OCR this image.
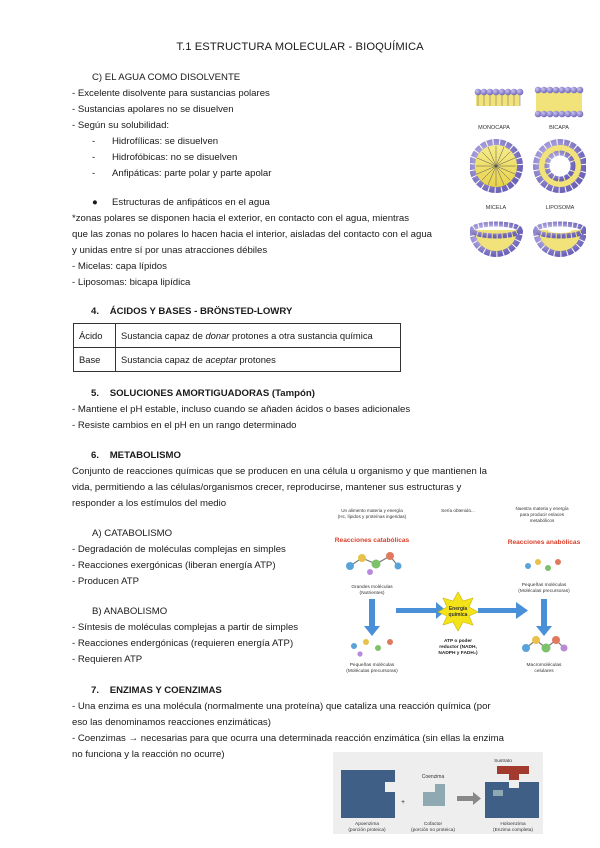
T.1 ESTRUCTURA MOLECULAR - BIOQUÍMICA
C) EL AGUA COMO DISOLVENTE
- Excelente disolvente para sustancias polares
- Sustancias apolares no se disuelven
- Según su solubilidad:
- Hidrofílicas: se disuelven
- Hidrofóbicas: no se disuelven
- Anfipáticas: parte polar y parte apolar
● Estructuras de anfipáticos en el agua
*zonas polares se disponen hacia el exterior, en contacto con el agua, mientras
que las zonas no polares lo hacen hacia el interior, aisladas del contacto con el agua
y unidas entre sí por unas atracciones débiles
- Micelas: capa lípidos
- Liposomas: bicapa lipídica
MONOCAPA	BICAPA
MICELA	LIPOSOMA
4. ÁCIDOS Y BASES - BRÖNSTED-LOWRY
Ácido	Sustancia capaz de donar protones a otra sustancia química
Base	Sustancia capaz de aceptar protones
5. SOLUCIONES AMORTIGUADORAS (Tampón)
- Mantiene el pH estable, incluso cuando se añaden ácidos o bases adicionales
- Resiste cambios en el pH en un rango determinado
6. METABOLISMO
Conjunto de reacciones químicas que se producen en una célula u organismo y que mantienen la
vida, permitiendo a las células/organismos crecer, reproducirse, mantener sus estructuras y
responder a los estímulos del medio
A) CATABOLISMO
- Degradación de moléculas complejas en simples
- Reacciones exergónicas (liberan energía ATP)
- Producen ATP
B) ANABOLISMO
- Síntesis de moléculas complejas a partir de simples
- Reacciones endergónicas (requieren energía ATP)
- Requieren ATP
Un alimento materia y energía
(Hc, lípidos y proteínas ingeridas)
Sería obtenido...	Nuestra materia y energía
para producir enlaces
metabólicos
Reacciones catabólicas	Reacciones anabólicas
Grandes moléculas
(Nutrientes)
Pequeñas moléculas
(Moléculas precursoras)
Energía
química
ATP o poder
reductor (NADH,
NADPH y FADH₂)
Pequeñas moléculas
(Moléculas precursoras)
Macromoléculas
celulares
7. ENZIMAS Y COENZIMAS
- Una enzima es una molécula (normalmente una proteína) que cataliza una reacción química (por
eso las denominamos reacciones enzimáticas)
- Coenzimas → necesarias para que ocurra una determinada reacción enzimática (sin ellas la enzima
no funciona y la reacción no ocurre)
Apoenzima
(porción proteica)
+
Coenzima
Cofactor
(porción no proteica)
Sustrato
Holoenzima
(Enzima completa)
